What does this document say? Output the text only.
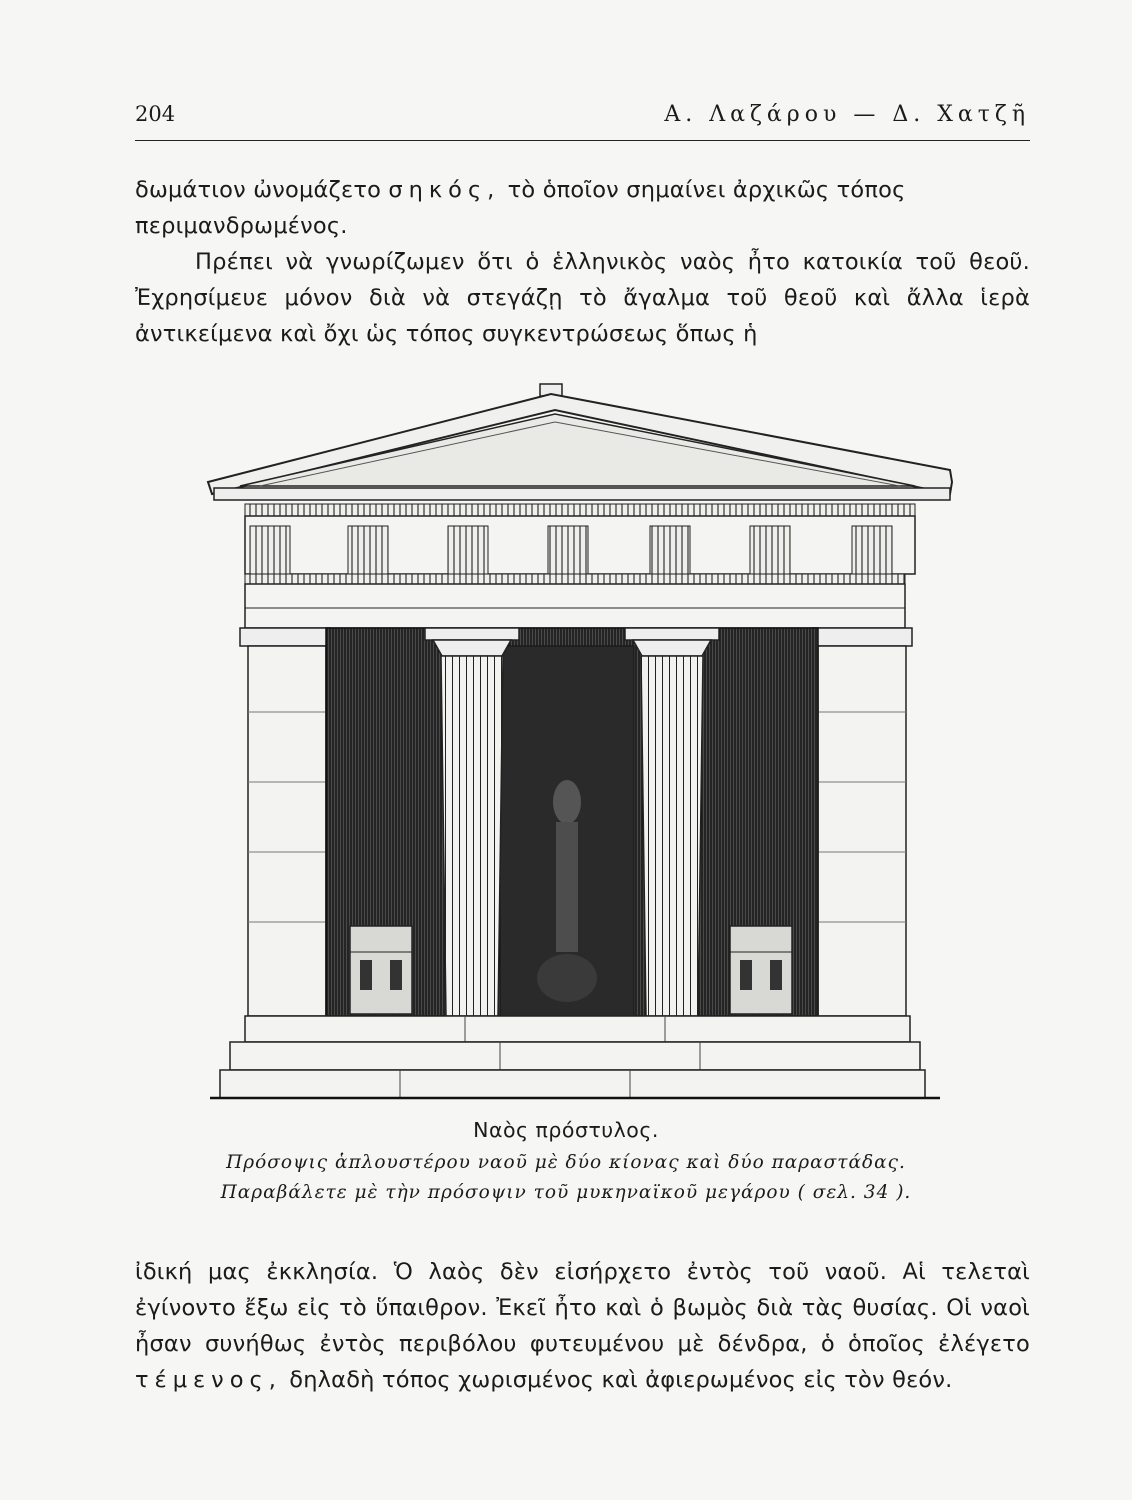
204	Α. Λαζάρου — Δ. Χατζῆ

δωμάτιον ὠνομάζετο σηκός, τὸ ὁποῖον σημαίνει ἀρχικῶς τόπος
περιμανδρωμένος.

Πρέπει νὰ γνωρίζωμεν ὅτι ὁ ἑλληνικὸς ναὸς ἦτο κατοικία τοῦ θεοῦ. Ἐχρησίμευε μόνον διὰ νὰ στεγάζῃ τὸ ἄγαλμα τοῦ θεοῦ καὶ ἄλλα ἱερὰ ἀντικείμενα καὶ ὄχι ὡς τόπος συγκεντρώσεως ὅπως ἡ

Ναὸς πρόστυλος.
Πρόσοψις ἁπλουστέρου ναοῦ μὲ δύο κίονας καὶ δύο παραστάδας.
Παραβάλετε μὲ τὴν πρόσοψιν τοῦ μυκηναϊκοῦ μεγάρου ( σελ. 34 ).

ἰδική μας ἐκκλησία. Ὁ λαὸς δὲν εἰσήρχετο ἐντὸς τοῦ ναοῦ. Αἱ τελεταὶ ἐγίνοντο ἔξω εἰς τὸ ὕπαιθρον. Ἐκεῖ ἦτο καὶ ὁ βωμὸς διὰ τὰς θυσίας. Οἱ ναοὶ ἦσαν συνήθως ἐντὸς περιβόλου φυτευμένου μὲ δένδρα, ὁ ὁποῖος ἐλέγετο τέμενος, δηλαδὴ τόπος χωρισμένος καὶ ἀφιερωμένος εἰς τὸν θεόν.
